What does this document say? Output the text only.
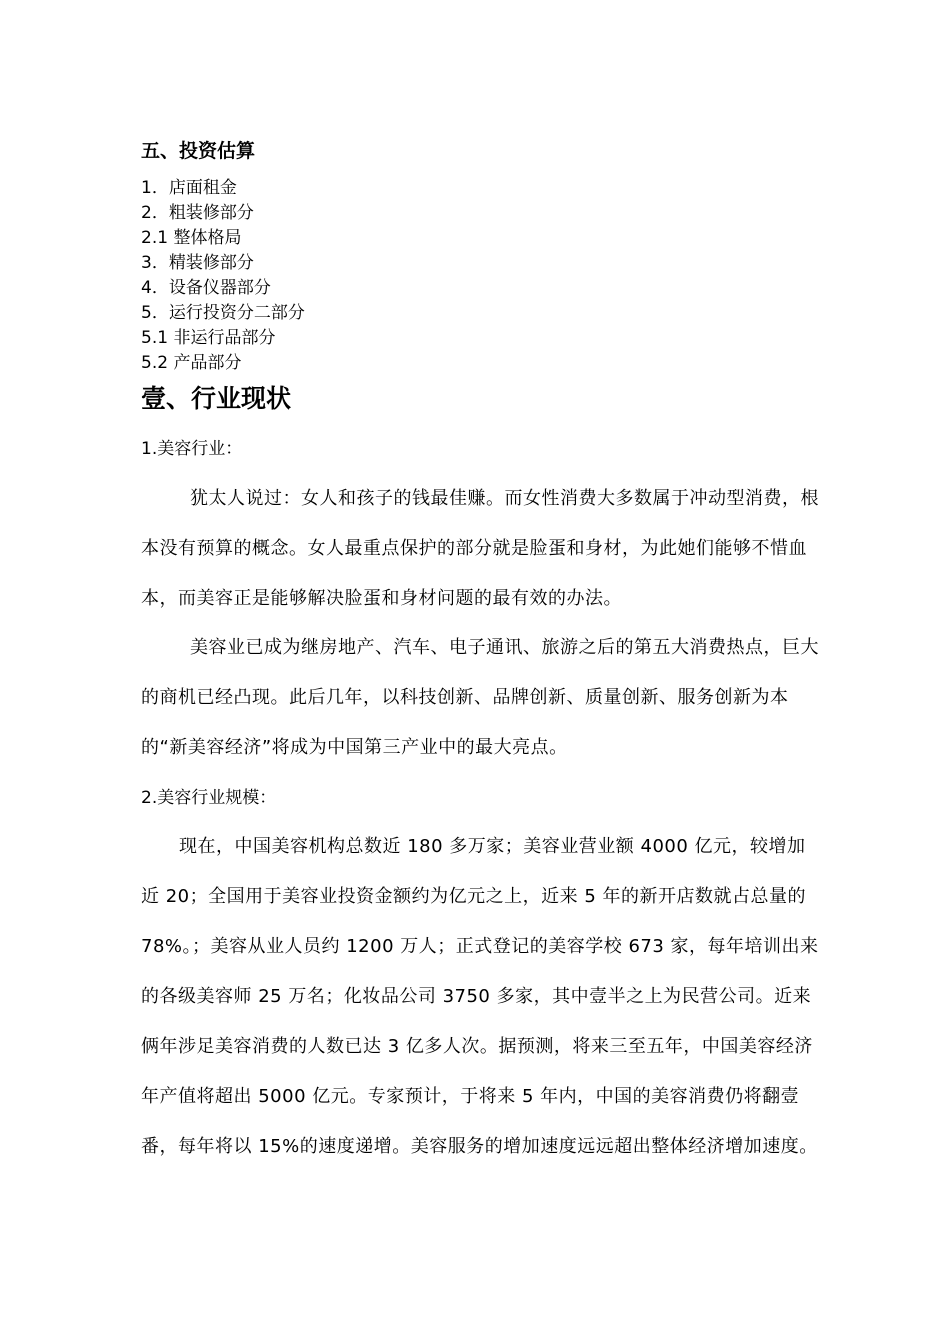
五、投资估算
1．店面租金
2．粗装修部分
2.1 整体格局
3．精装修部分
4．设备仪器部分
5．运行投资分二部分
5.1 非运行品部分
5.2 产品部分
壹、行业现状

1.美容行业：

犹太人说过：女人和孩子的钱最佳赚。而女性消费大多数属于冲动型消费，根本没有预算的概念。女人最重点保护的部分就是脸蛋和身材，为此她们能够不惜血本，而美容正是能够解决脸蛋和身材问题的最有效的办法。

美容业已成为继房地产、汽车、电子通讯、旅游之后的第五大消费热点，巨大的商机已经凸现。此后几年，以科技创新、品牌创新、质量创新、服务创新为本的“新美容经济”将成为中国第三产业中的最大亮点。

2.美容行业规模：

现在，中国美容机构总数近 180 多万家；美容业营业额 4000 亿元，较增加近 20；全国用于美容业投资金额约为亿元之上，近来 5 年的新开店数就占总量的 78%。；美容从业人员约 1200 万人；正式登记的美容学校 673 家，每年培训出来的各级美容师 25 万名；化妆品公司 3750 多家，其中壹半之上为民营公司。近来俩年涉足美容消费的人数已达 3 亿多人次。据预测，将来三至五年，中国美容经济年产值将超出 5000 亿元。专家预计，于将来 5 年内，中国的美容消费仍将翻壹番，每年将以 15%的速度递增。美容服务的增加速度远远超出整体经济增加速度。
